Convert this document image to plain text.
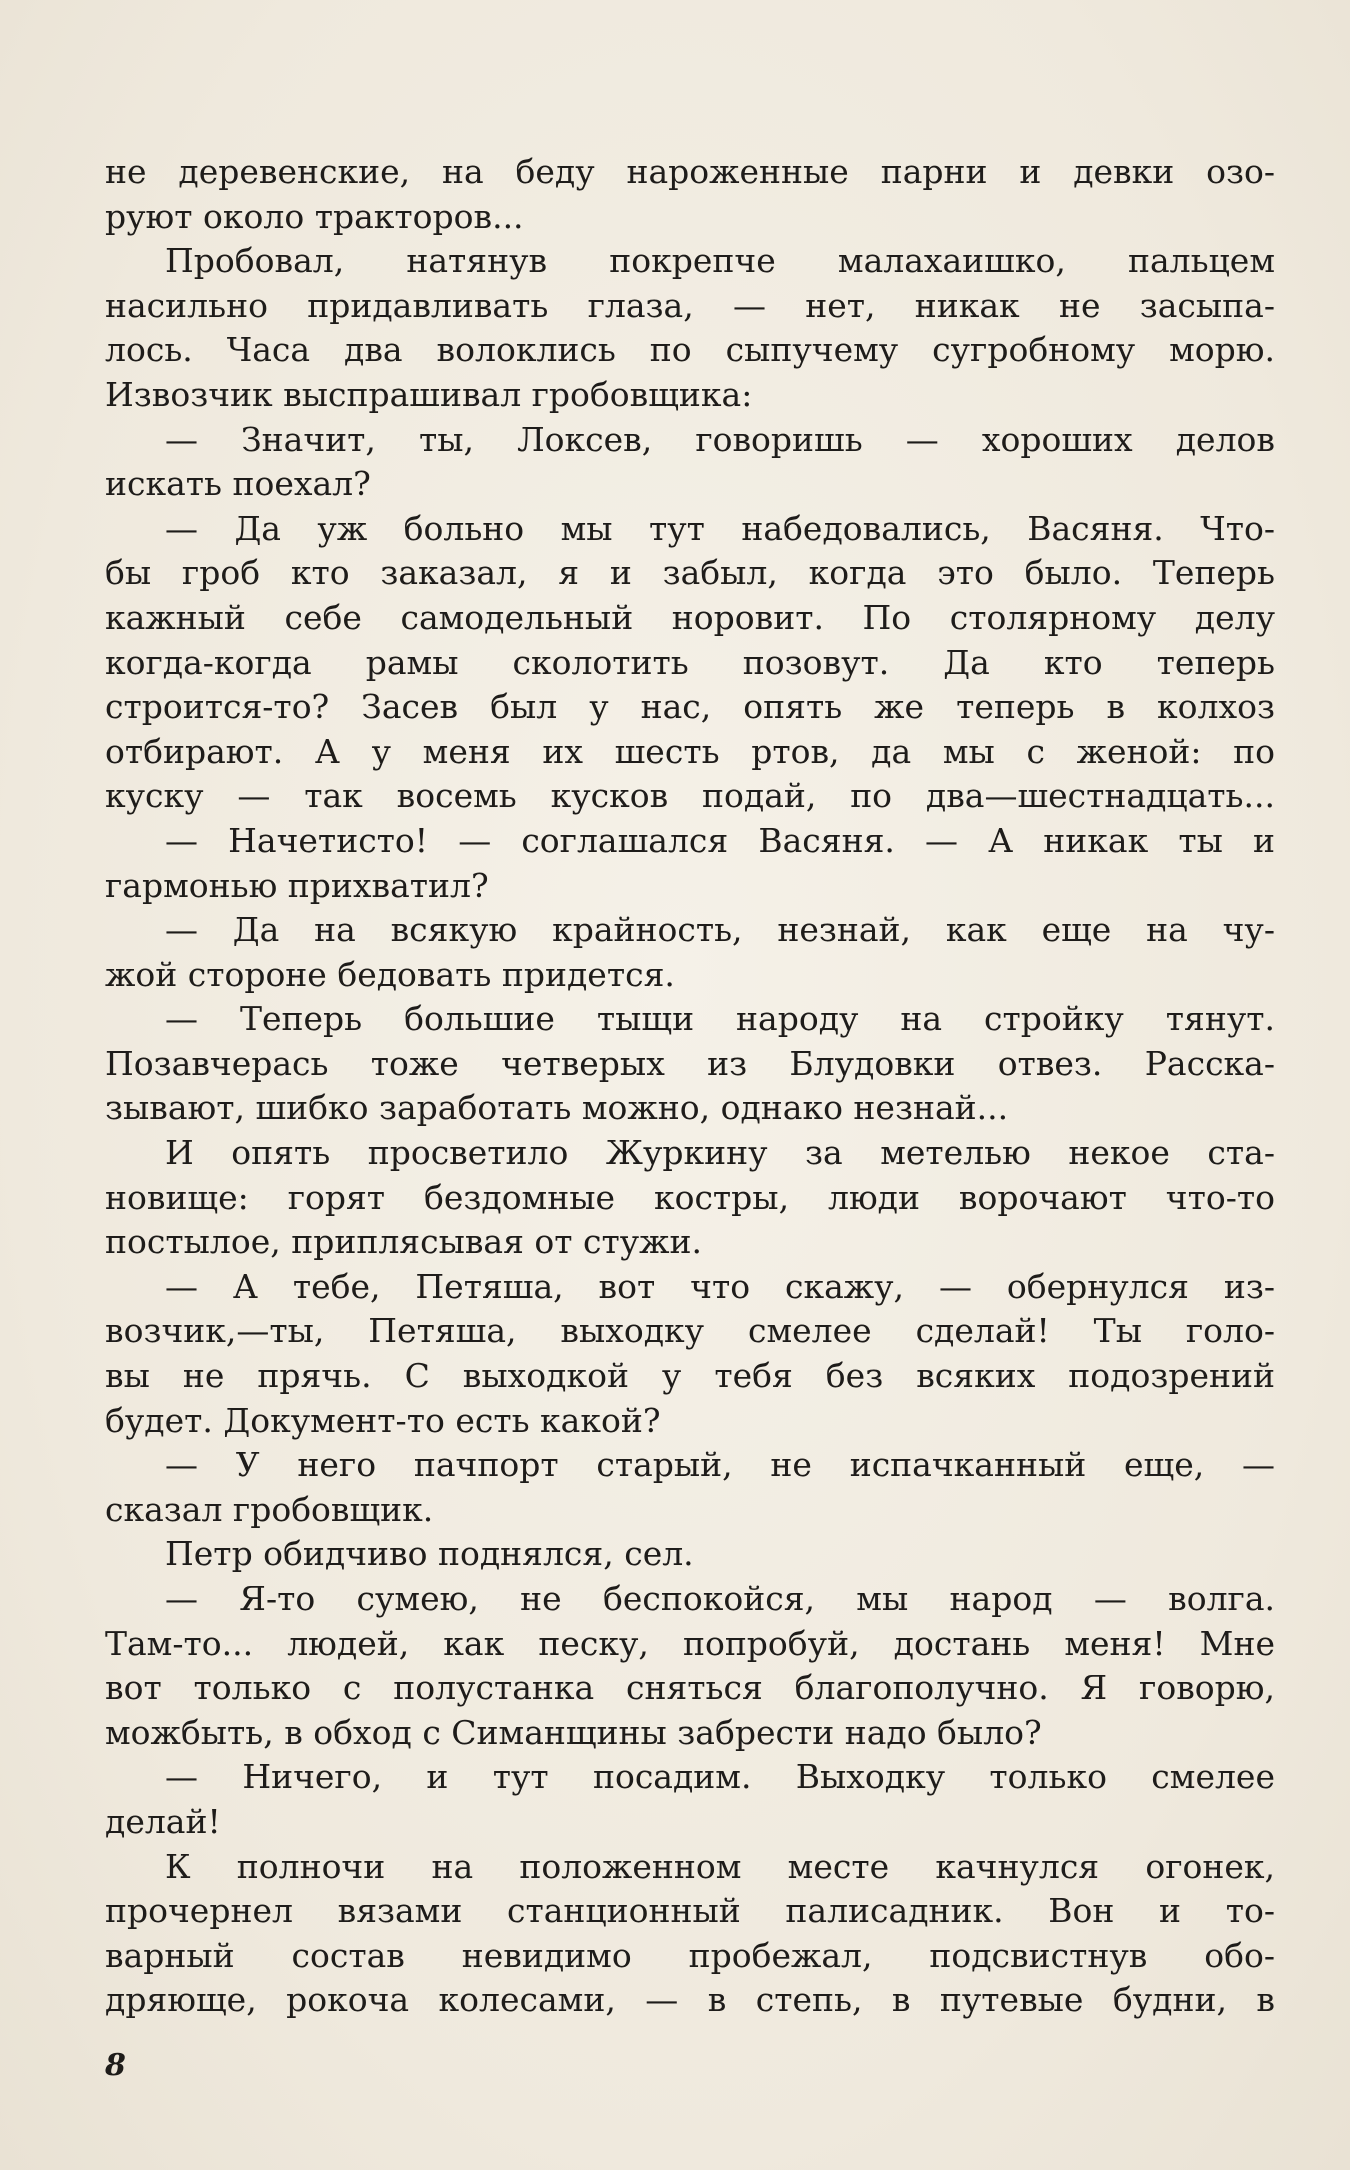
не деревенские, на беду нароженные парни и девки озо-
руют около тракторов...
Пробовал, натянув покрепче малахаишко, пальцем
насильно придавливать глаза, — нет, никак не засыпа-
лось. Часа два волоклись по сыпучему сугробному морю.
Извозчик выспрашивал гробовщика:
— Значит, ты, Локсев, говоришь — хороших делов
искать поехал?
— Да уж больно мы тут набедовались, Васяня. Что-
бы гроб кто заказал, я и забыл, когда это было. Теперь
кажный себе самодельный норовит. По столярному делу
когда-когда рамы сколотить позовут. Да кто теперь
строится-то? Засев был у нас, опять же теперь в колхоз
отбирают. А у меня их шесть ртов, да мы с женой: по
куску — так восемь кусков подай, по два—шестнадцать...
— Начетисто! — соглашался Васяня. — А никак ты и
гармонью прихватил?
— Да на всякую крайность, незнай, как еще на чу-
жой стороне бедовать придется.
— Теперь большие тыщи народу на стройку тянут.
Позавчерась тоже четверых из Блудовки отвез. Расска-
зывают, шибко заработать можно, однако незнай...
И опять просветило Журкину за метелью некое ста-
новище: горят бездомные костры, люди ворочают что-то
постылое, приплясывая от стужи.
— А тебе, Петяша, вот что скажу, — обернулся из-
возчик,—ты, Петяша, выходку смелее сделай! Ты голо-
вы не прячь. С выходкой у тебя без всяких подозрений
будет. Документ-то есть какой?
— У него пачпорт старый, не испачканный еще, —
сказал гробовщик.
Петр обидчиво поднялся, сел.
— Я-то сумею, не беспокойся, мы народ — волга.
Там-то... людей, как песку, попробуй, достань меня! Мне
вот только с полустанка сняться благополучно. Я говорю,
можбыть, в обход с Симанщины забрести надо было?
— Ничего, и тут посадим. Выходку только смелее
делай!
К полночи на положенном месте качнулся огонек,
прочернел вязами станционный палисадник. Вон и то-
варный состав невидимо пробежал, подсвистнув обо-
дряюще, рокоча колесами, — в степь, в путевые будни, в
8
